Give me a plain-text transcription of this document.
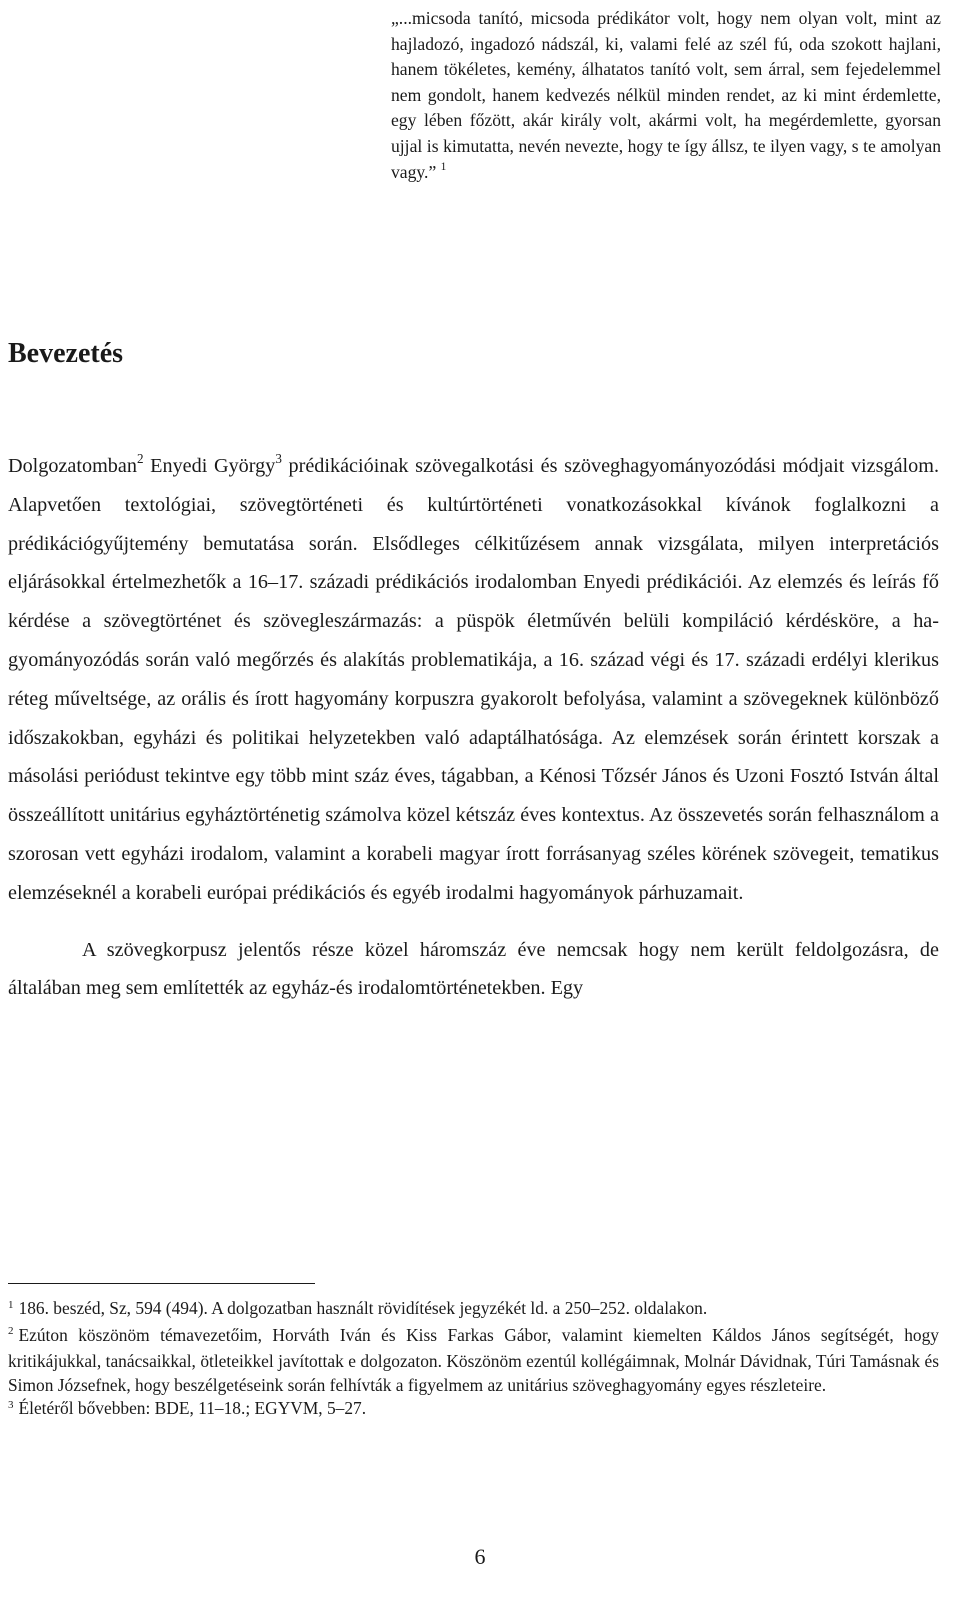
„...micsoda tanító, micsoda prédikátor volt, hogy nem olyan volt, mint az hajladozó, ingadozó nádszál, ki, valami felé az szél fú, oda szokott hajlani, hanem tökéletes, kemény, álhatatos tanító volt, sem árral, sem fejedelemmel nem gondolt, hanem kedvezés nélkül minden rendet, az ki mint érdemlette, egy lében főzött, akár király volt, akármi volt, ha megérdemlette, gyorsan ujjal is kimutatta, nevén nevezte, hogy te így állsz, te ilyen vagy, s te amolyan vagy.” $^1$
Bevezetés

Dolgozatomban$^2$ Enyedi György$^3$ prédikációinak szövegalkotási és szöveghagyományozódási módjait vizsgálom. Alapvetően textológiai, szövegtörténeti és kultúrtörténeti vonatkozásokkal kívánok foglalkozni a prédikációgyűjtemény bemutatása során. Elsődleges célkitűzésem annak vizsgálata, milyen interpretációs eljárásokkal értelmezhetők a 16–17. századi prédikációs irodalomban Enyedi prédikációi. Az elemzés és leírás fő kérdése a szövegtörténet és szövegleszármazás: a püspök életművén belüli kompiláció kérdésköre, a hagyományozódás során való megőrzés és alakítás problematikája, a 16. század végi és 17. századi erdélyi klerikus réteg műveltsége, az orális és írott hagyomány korpuszra gyakorolt befolyása, valamint a szövegeknek különböző időszakokban, egyházi és politikai helyzetekben való adaptálhatósága. Az elemzések során érintett korszak a másolási periódust tekintve egy több mint száz éves, tágabban, a Kénosi Tőzsér János és Uzoni Fosztó István által összeállított unitárius egyháztörténetig számolva közel kétszáz éves kontextus. Az összevetés során felhasználom a szorosan vett egyházi irodalom, valamint a korabeli magyar írott forrásanyag széles körének szövegeit, tematikus elemzéseknél a korabeli európai prédikációs és egyéb irodalmi hagyományok párhuzamait.

A szövegkorpusz jelentős része közel háromszáz éve nemcsak hogy nem került feldolgozásra, de általában meg sem említették az egyház-és irodalomtörténetekben. Egy

$^1$ 186. beszéd, Sz, 594 (494). A dolgozatban használt rövidítések jegyzékét ld. a 250–252. oldalakon.

$^2$ Ezúton köszönöm témavezetőim, Horváth Iván és Kiss Farkas Gábor, valamint kiemelten Káldos János segítségét, hogy kritikájukkal, tanácsaikkal, ötleteikkel javítottak e dolgozaton. Köszönöm ezentúl kollégáimnak, Molnár Dávidnak, Túri Tamásnak és Simon Józsefnek, hogy beszélgetéseink során felhívták a figyelmem az unitárius szöveghagyomány egyes részleteire.

$^3$ Életéről bővebben: BDE, 11–18.; EGYVM, 5–27.

6
